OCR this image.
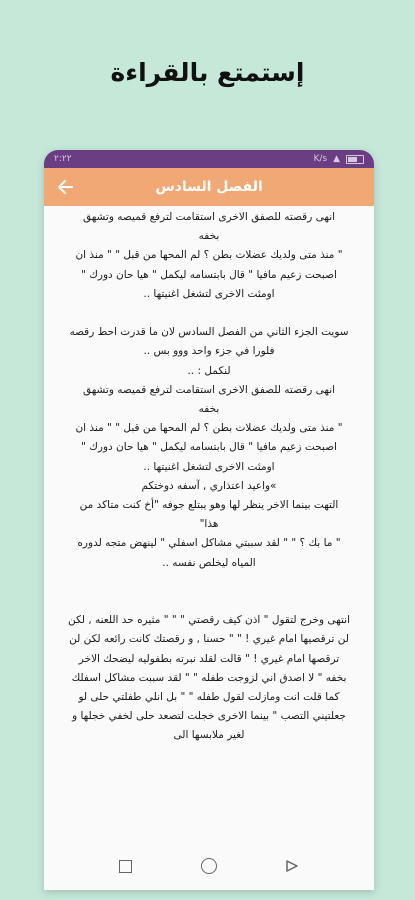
إستمتع بالقراءة
٢:٢٢	K/s ▲
الفصل السادس
انهى رقصته للصفق الاخرى استقامت لترفع قميصه وتشهق
بخفه
" منذ متى ولديك عضلات بطن ؟ لم المحها من قبل " " منذ ان
اصبحت زعيم مافيا " قال بابتسامه ليكمل " هيا حان دورك "
اومئت الاخرى لتشغل اغنيتها ..
سويت الجزء الثاني من الفصل السادس لان ما قدرت احط رقصه
فلورا في جزء واحد ووو بس ..
لنكمل : ..
انهى رقصته للصفق الاخرى استقامت لترفع قميصه وتشهق
بخفه
" منذ متى ولديك عضلات بطن ؟ لم المحها من قبل " " منذ ان
اصبحت زعيم مافيا " قال بابتسامه ليكمل " هيا حان دورك "
اومئت الاخرى لتشغل اغنيتها ..
»واعيد اعتذاري , آسفه دوختكم
التهت بينما الاخر ينظر لها وهو يبتلع جوفه "أخ كنت متاكد من
هذا"
" ما بك ؟ " " لقد سببتي مشاكل اسفلي " لينهض متجه لدوره
المياه ليخلص نفسه ..
انتهى وخرج لتقول " اذن كيف رقصتي " " " مثيره حد اللعنه , لكن
لن ترقصيها امام غيري ! " " حسنا , و رقصتك كانت رائعه لكن لن
ترقصها امام غيري ! " قالت لقلد نبرته بطفوليه ليضحك الاخر
بخفه " لا اصدق اني لزوجت طفله " " لقد سببت مشاكل اسفلك
كما قلت انت ومازلت لقول طفله " " بل انلي طفلتي حلى لو
جعلتيني التصب " بينما الاخرى خجلت لتصعد حلى لخفي خجلها و
لغير ملابسها الى
